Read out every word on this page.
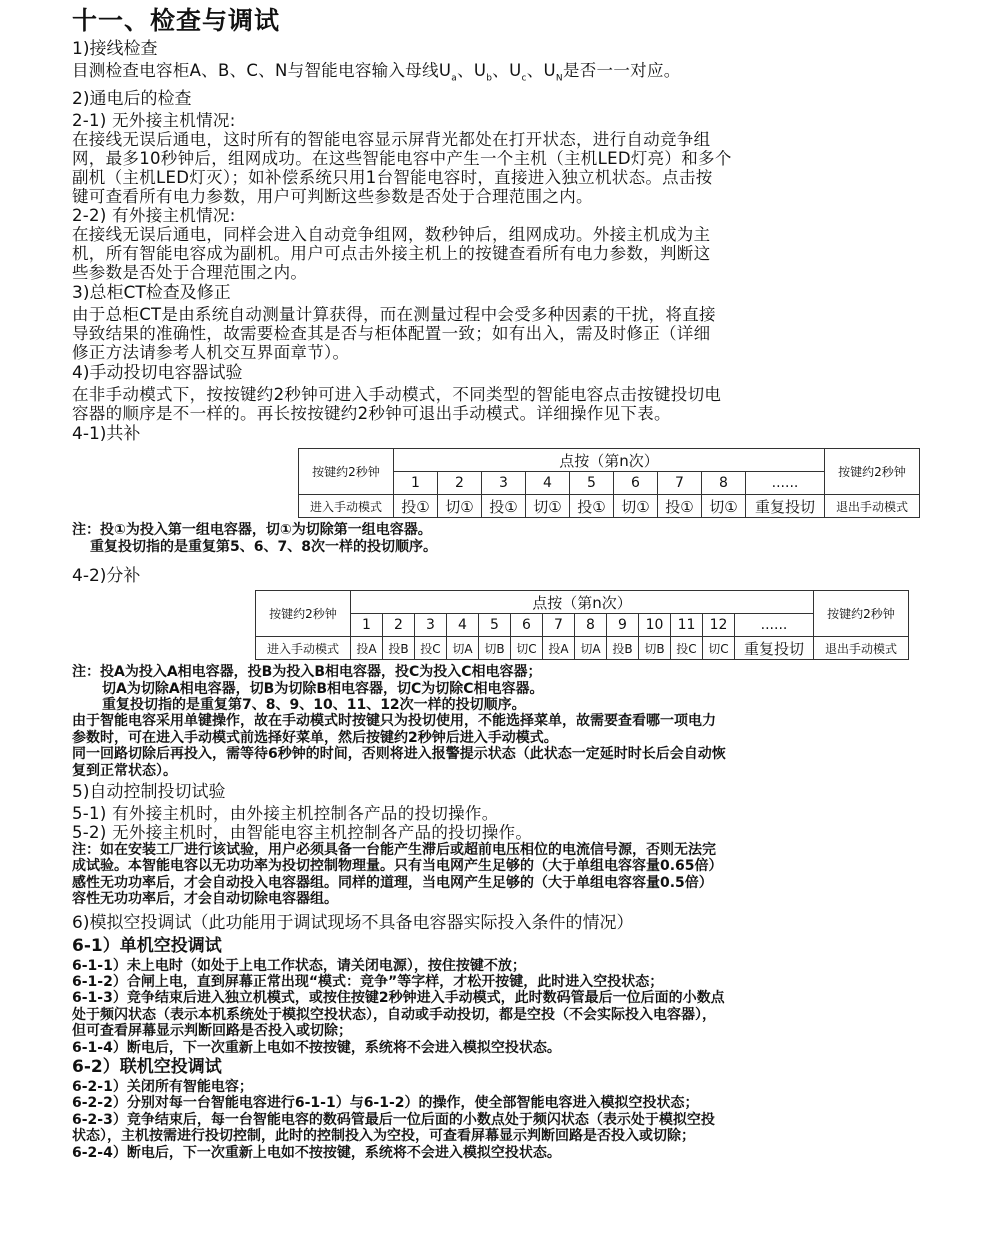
十一、检查与调试
1)接线检查
目测检查电容柜A、B、C、N与智能电容输入母线$U_a$、$U_b$、$U_c$、$U_N$是否一一对应。
2)通电后的检查
2-1) 无外接主机情况:
在接线无误后通电，这时所有的智能电容显示屏背光都处在打开状态，进行自动竞争组
网，最多10秒钟后，组网成功。在这些智能电容中产生一个主机（主机LED灯亮）和多个
副机（主机LED灯灭）；如补偿系统只用1台智能电容时，直接进入独立机状态。点击按
键可查看所有电力参数，用户可判断这些参数是否处于合理范围之内。
2-2) 有外接主机情况:
在接线无误后通电，同样会进入自动竞争组网，数秒钟后，组网成功。外接主机成为主
机，所有智能电容成为副机。用户可点击外接主机上的按键查看所有电力参数，判断这
些参数是否处于合理范围之内。
3)总柜CT检查及修正
由于总柜CT是由系统自动测量计算获得，而在测量过程中会受多种因素的干扰，将直接
导致结果的准确性，故需要检查其是否与柜体配置一致；如有出入，需及时修正（详细
修正方法请参考人机交互界面章节）。
4)手动投切电容器试验
在非手动模式下，按按键约2秒钟可进入手动模式，不同类型的智能电容点击按键投切电
容器的顺序是不一样的。再长按按键约2秒钟可退出手动模式。详细操作见下表。
4-1)共补
按键约2秒钟	点按（第n次）									按键约2秒钟
	1	2	3	4	5	6	7	8	......	
进入手动模式	投①	切①	投①	切①	投①	切①	投①	切①	重复投切	退出手动模式
注：投①为投入第一组电容器，切①为切除第一组电容器。
重复投切指的是重复第5、6、7、8次一样的投切顺序。
4-2)分补
按键约2秒钟	点按（第n次）													按键约2秒钟
	1	2	3	4	5	6	7	8	9	10	11	12	......	
进入手动模式	投A	投B	投C	切A	切B	切C	投A	切A	投B	切B	投C	切C	重复投切	退出手动模式
注：投A为投入A相电容器，投B为投入B相电容器，投C为投入C相电容器；
切A为切除A相电容器，切B为切除B相电容器，切C为切除C相电容器。
重复投切指的是重复第7、8、9、10、11、12次一样的投切顺序。
由于智能电容采用单键操作，故在手动模式时按键只为投切使用，不能选择菜单，故需要查看哪一项电力
参数时，可在进入手动模式前选择好菜单，然后按键约2秒钟后进入手动模式。
同一回路切除后再投入，需等待6秒钟的时间，否则将进入报警提示状态（此状态一定延时时长后会自动恢
复到正常状态）。
5)自动控制投切试验
5-1) 有外接主机时，由外接主机控制各产品的投切操作。
5-2) 无外接主机时，由智能电容主机控制各产品的投切操作。
注：如在安装工厂进行该试验，用户必须具备一台能产生滞后或超前电压相位的电流信号源，否则无法完
成试验。本智能电容以无功功率为投切控制物理量。只有当电网产生足够的（大于单组电容容量0.65倍）
感性无功功率后，才会自动投入电容器组。同样的道理，当电网产生足够的（大于单组电容容量0.5倍）
容性无功功率后，才会自动切除电容器组。
6)模拟空投调试（此功能用于调试现场不具备电容器实际投入条件的情况）
6-1）单机空投调试
6-1-1）未上电时（如处于上电工作状态，请关闭电源），按住按键不放；
6-1-2）合闸上电，直到屏幕正常出现“模式：竞争”等字样，才松开按键，此时进入空投状态；
6-1-3）竞争结束后进入独立机模式，或按住按键2秒钟进入手动模式，此时数码管最后一位后面的小数点
处于频闪状态（表示本机系统处于模拟空投状态），自动或手动投切，都是空投（不会实际投入电容器），
但可查看屏幕显示判断回路是否投入或切除；
6-1-4）断电后，下一次重新上电如不按按键，系统将不会进入模拟空投状态。
6-2）联机空投调试
6-2-1）关闭所有智能电容；
6-2-2）分别对每一台智能电容进行6-1-1）与6-1-2）的操作，使全部智能电容进入模拟空投状态；
6-2-3）竞争结束后，每一台智能电容的数码管最后一位后面的小数点处于频闪状态（表示处于模拟空投
状态），主机按需进行投切控制，此时的控制投入为空投，可查看屏幕显示判断回路是否投入或切除；
6-2-4）断电后，下一次重新上电如不按按键，系统将不会进入模拟空投状态。
